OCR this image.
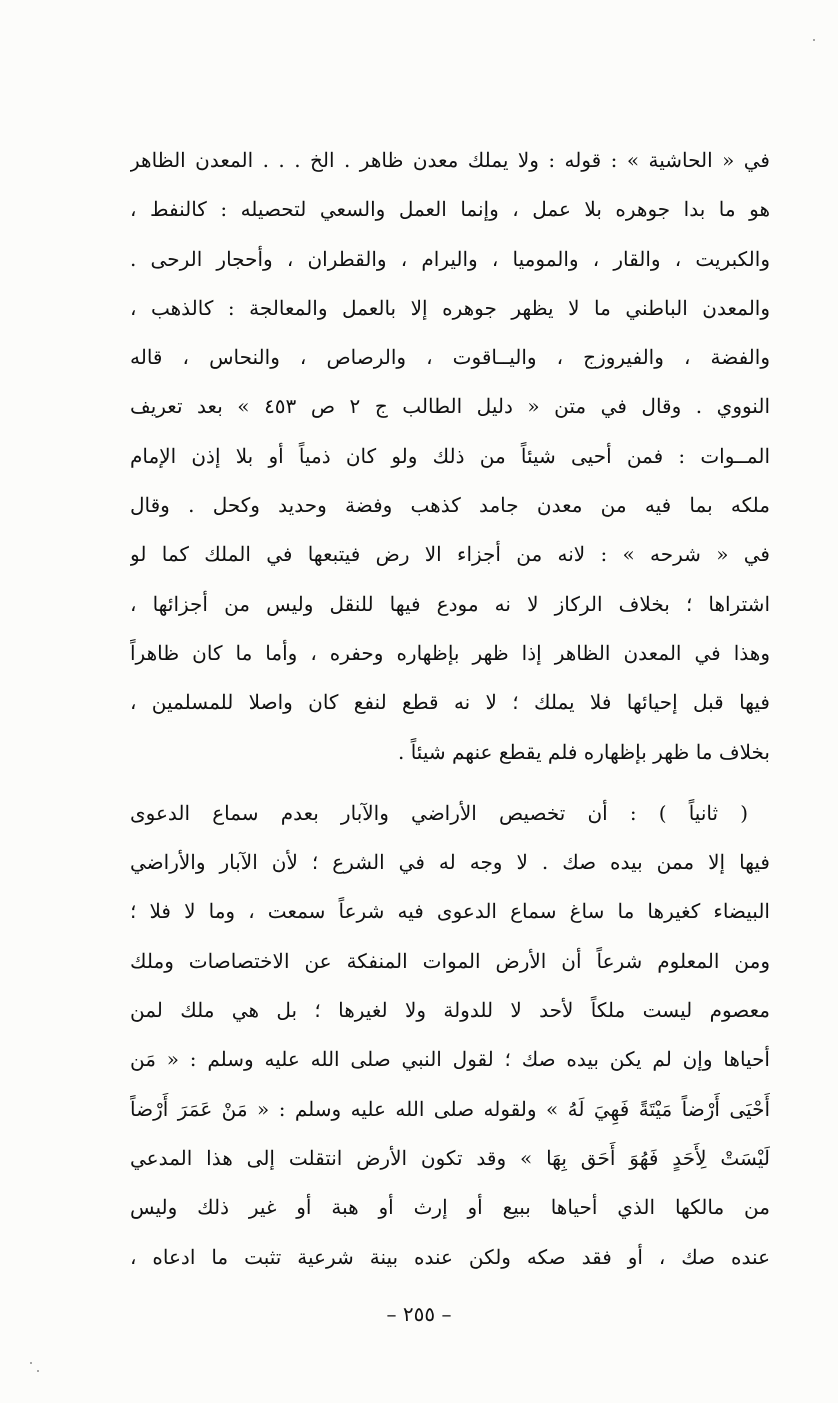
في « الحاشية » : قوله : ولا يملك معدن ظاهر . الخ . . . المعدن الظاهر
هو ما بدا جوهره بلا عمل ، وإنما العمل والسعي لتحصيله : كالنفط ،
والكبريت ، والقار ، والموميا ، واليرام ، والقطران ، وأحجار الرحى .
والمعدن الباطني ما لا يظهر جوهره إلا بالعمل والمعالجة : كالذهب ،
والفضة ، والفيروزج ، واليــاقوت ، والرصاص ، والنحاس ، قاله
النووي . وقال في متن « دليل الطالب ج ٢ ص ٤٥٣ » بعد تعريف
المــوات : فمن أحيى شيئاً من ذلك ولو كان ذمياً أو بلا إذن الإمام
ملكه بما فيه من معدن جامد كذهب وفضة وحديد وكحل . وقال
في « شرحه » : لانه من أجزاء الا رض فيتبعها في الملك كما لو
اشتراها ؛ بخلاف الركاز لا نه مودع فيها للنقل وليس من أجزائها ،
وهذا في المعدن الظاهر إذا ظهر بإظهاره وحفره ، وأما ما كان ظاهراً
فيها قبل إحيائها فلا يملك ؛ لا نه قطع لنفع كان واصلا للمسلمين ،
بخلاف ما ظهر بإظهاره فلم يقطع عنهم شيئاً .
( ثانياً ) : أن تخصيص الأراضي والآبار بعدم سماع الدعوى
فيها إلا ممن بيده صك . لا وجه له في الشرع ؛ لأن الآبار والأراضي
البيضاء كغيرها ما ساغ سماع الدعوى فيه شرعاً سمعت ، وما لا فلا ؛
ومن المعلوم شرعاً أن الأرض الموات المنفكة عن الاختصاصات وملك
معصوم ليست ملكاً لأحد لا للدولة ولا لغيرها ؛ بل هي ملك لمن
أحياها وإن لم يكن بيده صك ؛ لقول النبي صلى الله عليه وسلم : « مَن
أَحْيَى أَرْضاً مَيْتَةً فَهِيَ لَهُ » ولقوله صلى الله عليه وسلم : « مَنْ عَمَرَ أَرْضاً
لَيْسَتْ لِأَحَدٍ فَهُوَ أَحَق بِهَا » وقد تكون الأرض انتقلت إلى هذا المدعي
من مالكها الذي أحياها ببيع أو إرث أو هبة أو غير ذلك وليس
عنده صك ، أو فقد صكه ولكن عنده بينة شرعية تثبت ما ادعاه ،
– ٢٥٥ –
